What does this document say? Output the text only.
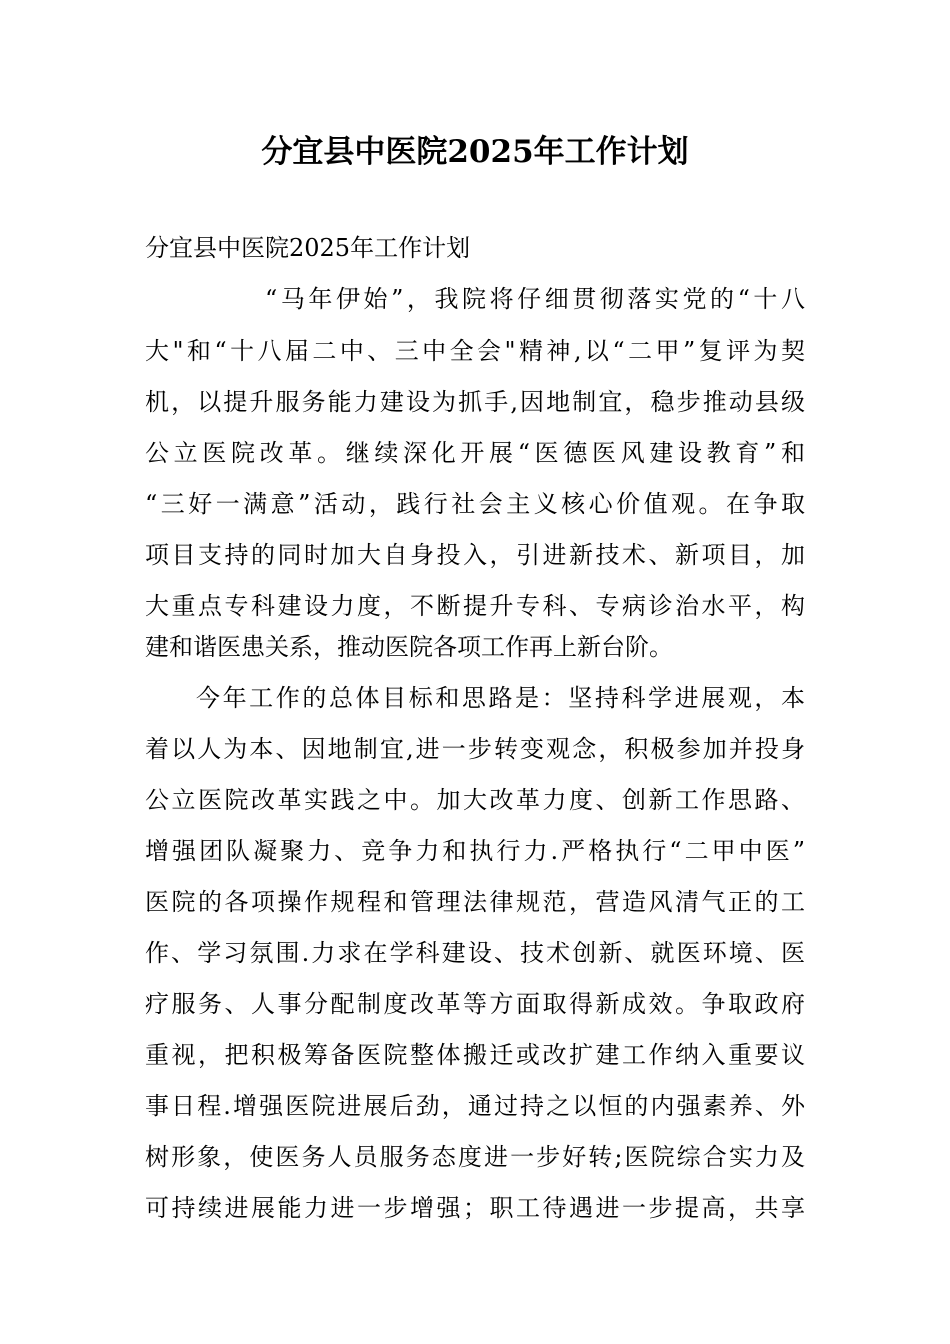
分宜县中医院2025年工作计划

分宜县中医院2025年工作计划

“马年伊始”，我院将仔细贯彻落实党的“十八

大"和“十八届二中、三中全会"精神,以“二甲”复评为契

机，以提升服务能力建设为抓手,因地制宜，稳步推动县级

公立医院改革。继续深化开展“医德医风建设教育”和

“三好一满意”活动，践行社会主义核心价值观。在争取

项目支持的同时加大自身投入，引进新技术、新项目，加

大重点专科建设力度，不断提升专科、专病诊治水平，构

建和谐医患关系，推动医院各项工作再上新台阶。

今年工作的总体目标和思路是：坚持科学进展观，本

着以人为本、因地制宜,进一步转变观念，积极参加并投身

公立医院改革实践之中。加大改革力度、创新工作思路、

增强团队凝聚力、竞争力和执行力.严格执行“二甲中医”

医院的各项操作规程和管理法律规范，营造风清气正的工

作、学习氛围.力求在学科建设、技术创新、就医环境、医

疗服务、人事分配制度改革等方面取得新成效。争取政府

重视，把积极筹备医院整体搬迁或改扩建工作纳入重要议

事日程.增强医院进展后劲，通过持之以恒的内强素养、外

树形象，使医务人员服务态度进一步好转;医院综合实力及

可持续进展能力进一步增强；职工待遇进一步提高，共享
